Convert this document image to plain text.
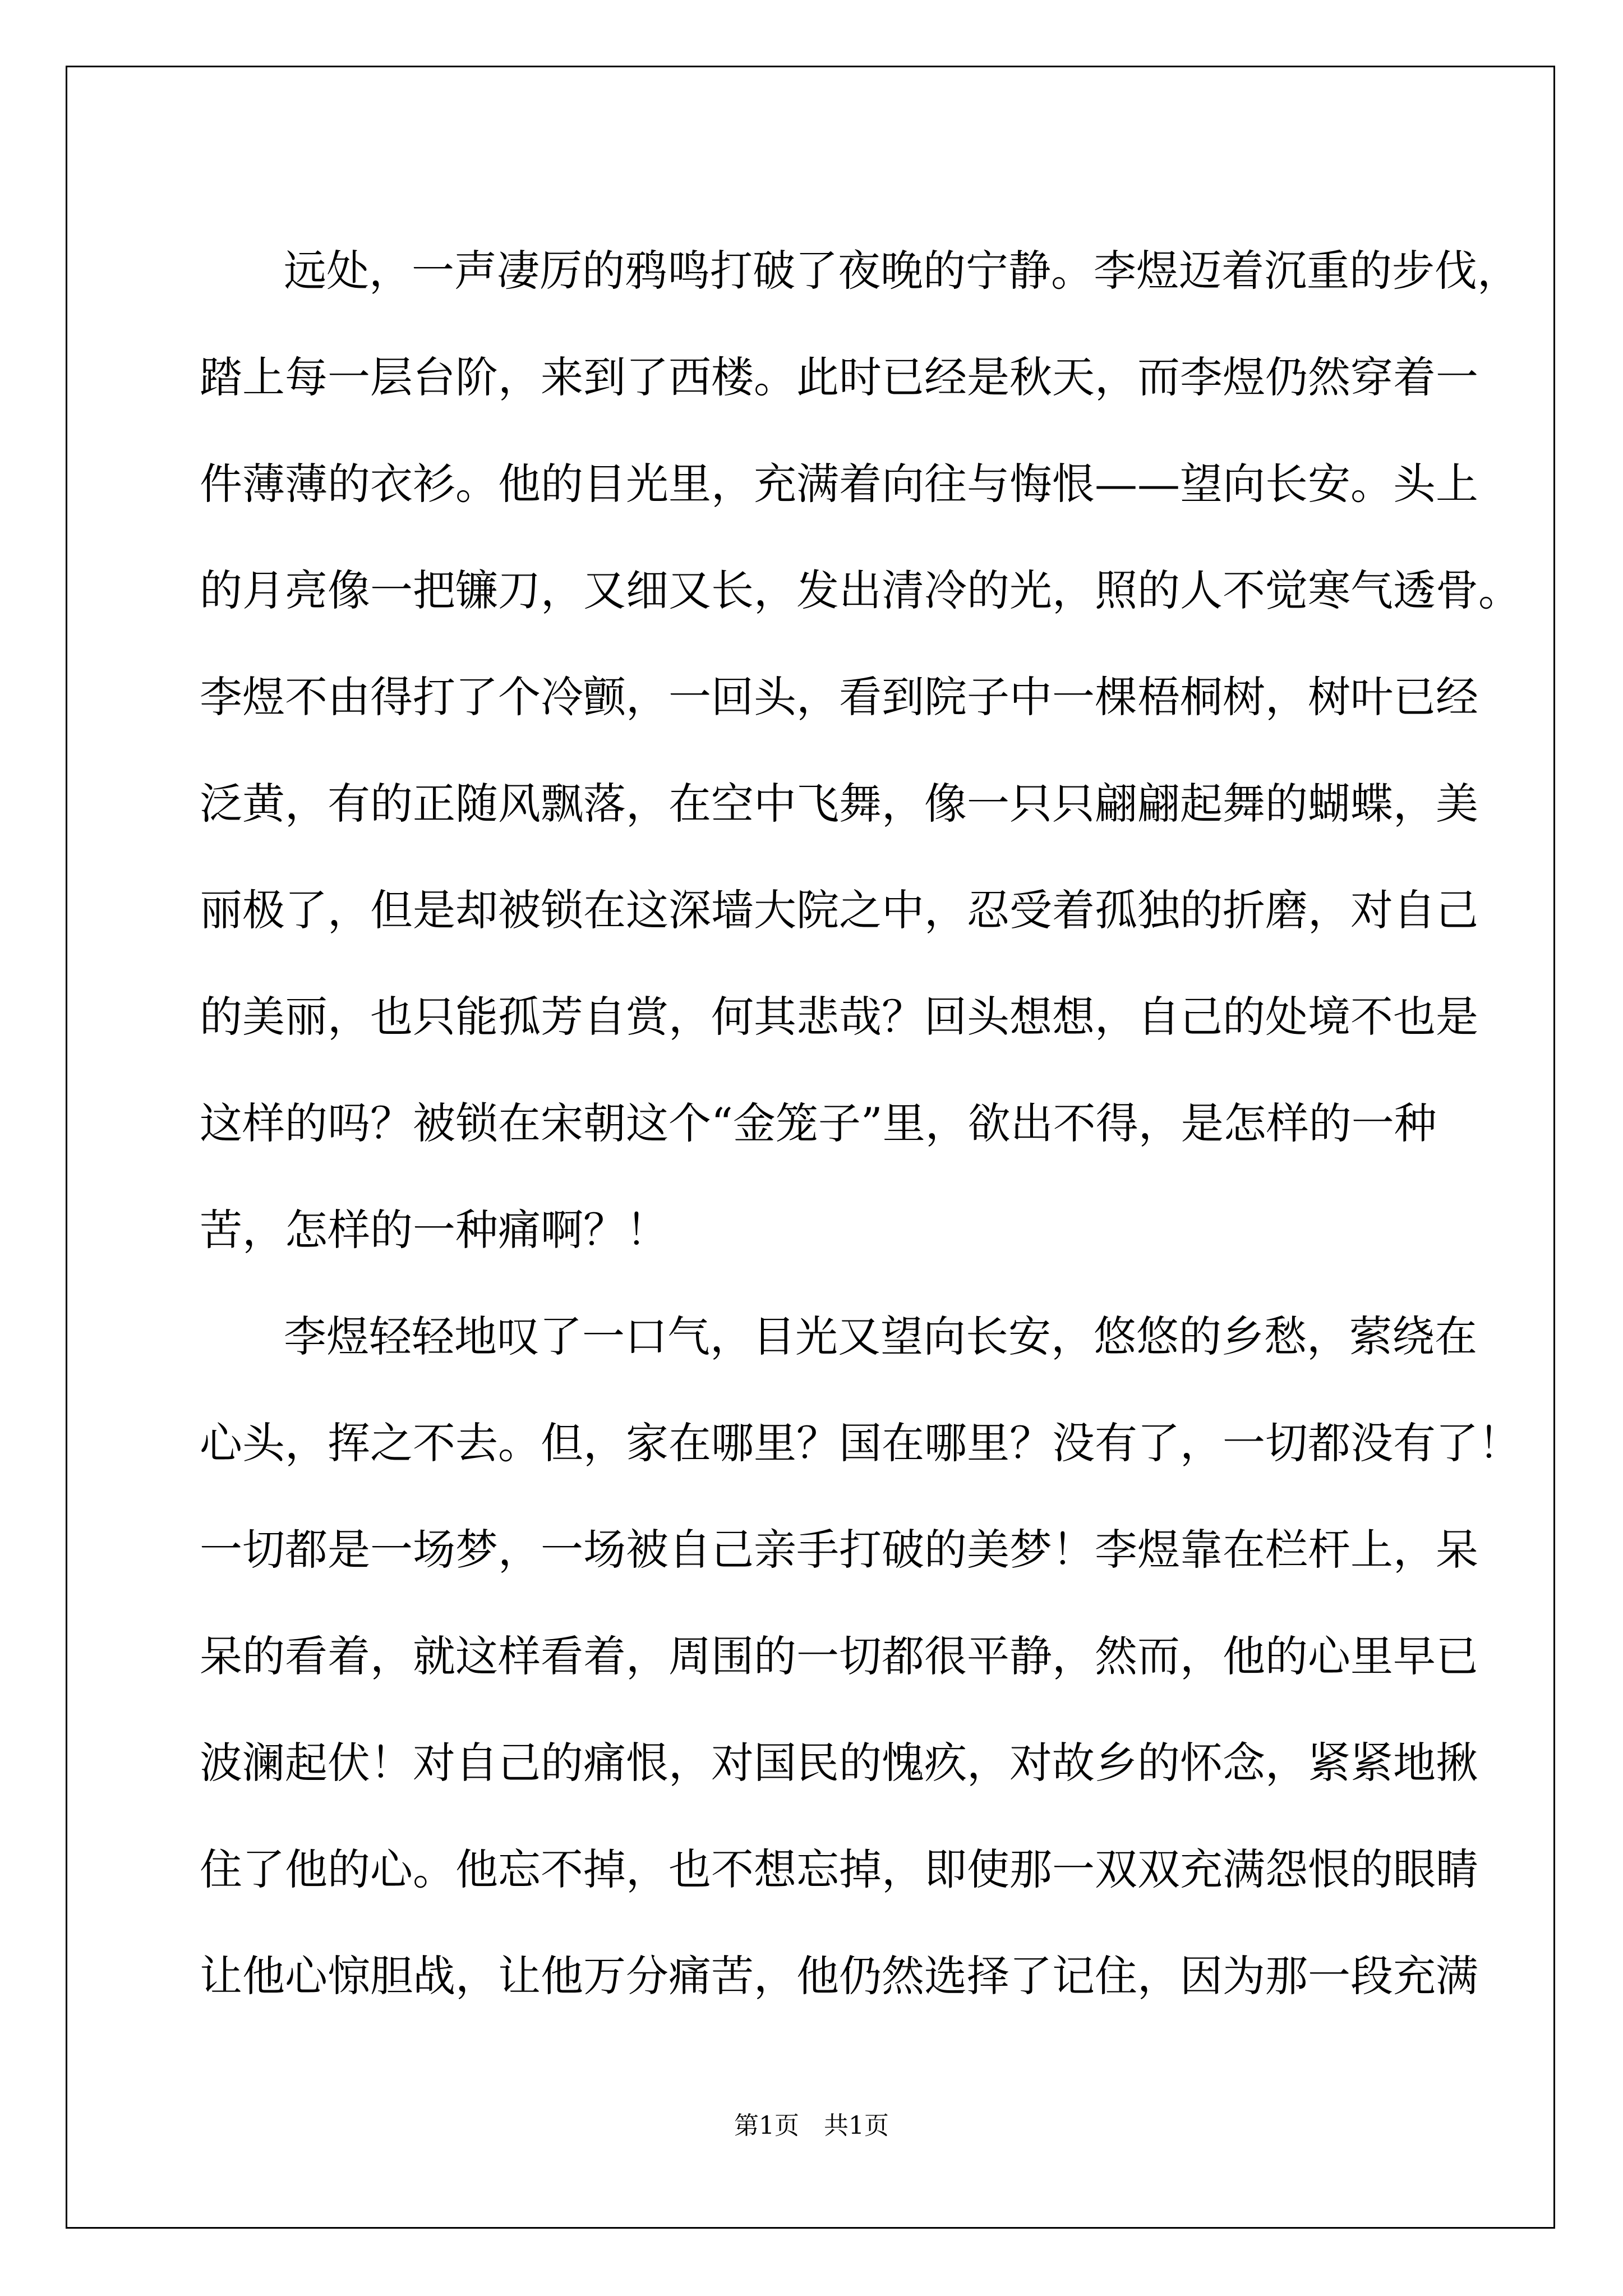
远处，一声凄厉的鸦鸣打破了夜晚的宁静。李煜迈着沉重的步伐，
踏上每一层台阶，来到了西楼。此时已经是秋天，而李煜仍然穿着一
件薄薄的衣衫。他的目光里，充满着向往与悔恨——望向长安。头上
的月亮像一把镰刀，又细又长，发出清冷的光，照的人不觉寒气透骨。
李煜不由得打了个冷颤，一回头，看到院子中一棵梧桐树，树叶已经
泛黄，有的正随风飘落，在空中飞舞，像一只只翩翩起舞的蝴蝶，美
丽极了，但是却被锁在这深墙大院之中，忍受着孤独的折磨，对自己
的美丽，也只能孤芳自赏，何其悲哉？回头想想，自己的处境不也是
这样的吗？被锁在宋朝这个“金笼子”里，欲出不得，是怎样的一种
苦，怎样的一种痛啊？！
李煜轻轻地叹了一口气，目光又望向长安，悠悠的乡愁，萦绕在
心头，挥之不去。但，家在哪里？国在哪里？没有了，一切都没有了！
一切都是一场梦，一场被自己亲手打破的美梦！李煜靠在栏杆上，呆
呆的看着，就这样看着，周围的一切都很平静，然而，他的心里早已
波澜起伏！对自己的痛恨，对国民的愧疚，对故乡的怀念，紧紧地揪
住了他的心。他忘不掉，也不想忘掉，即使那一双双充满怨恨的眼睛
让他心惊胆战，让他万分痛苦，他仍然选择了记住，因为那一段充满
第1页　共1页
